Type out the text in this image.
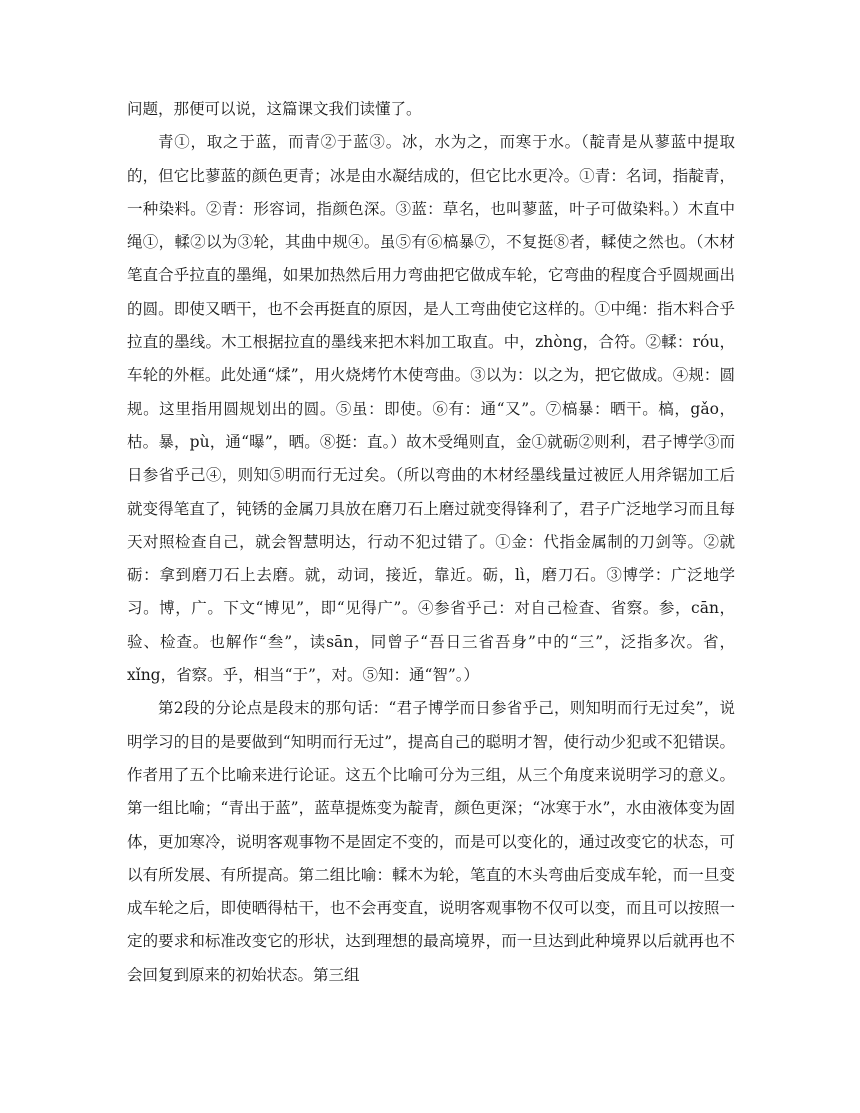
问题，那便可以说，这篇课文我们读懂了。

青①，取之于蓝，而青②于蓝③。冰，水为之，而寒于水。（靛青是从蓼蓝中提取的，但它比蓼蓝的颜色更青；冰是由水凝结成的，但它比水更冷。①青：名词，指靛青，一种染料。②青：形容词，指颜色深。③蓝：草名，也叫蓼蓝，叶子可做染料。）木直中绳①，輮②以为③轮，其曲中规④。虽⑤有⑥槁暴⑦，不复挺⑧者，輮使之然也。（木材笔直合乎拉直的墨绳，如果加热然后用力弯曲把它做成车轮，它弯曲的程度合乎圆规画出的圆。即使又晒干，也不会再挺直的原因，是人工弯曲使它这样的。①中绳：指木料合乎拉直的墨线。木工根据拉直的墨线来把木料加工取直。中，zhòng，合符。②輮：róu，车轮的外框。此处通“煣”，用火烧烤竹木使弯曲。③以为：以之为，把它做成。④规：圆规。这里指用圆规划出的圆。⑤虽：即使。⑥有：通“又”。⑦槁暴：晒干。槁，gǎo，枯。暴，pù，通“曝”，晒。⑧挺：直。）故木受绳则直，金①就砺②则利，君子博学③而日参省乎己④，则知⑤明而行无过矣。（所以弯曲的木材经墨线量过被匠人用斧锯加工后就变得笔直了，钝锈的金属刀具放在磨刀石上磨过就变得锋利了，君子广泛地学习而且每天对照检查自己，就会智慧明达，行动不犯过错了。①金：代指金属制的刀剑等。②就砺：拿到磨刀石上去磨。就，动词，接近，靠近。砺，lì，磨刀石。③博学：广泛地学习。博，广。下文“博见”，即“见得广”。④参省乎己：对自己检查、省察。参，cān，验、检查。也解作“叁”，读sān，同曾子“吾日三省吾身”中的“三”，泛指多次。省，xǐng，省察。乎，相当“于”，对。⑤知：通“智”。）

第2段的分论点是段末的那句话：“君子博学而日参省乎己，则知明而行无过矣”，说明学习的目的是要做到“知明而行无过”，提高自己的聪明才智，使行动少犯或不犯错误。作者用了五个比喻来进行论证。这五个比喻可分为三组，从三个角度来说明学习的意义。第一组比喻；“青出于蓝”，蓝草提炼变为靛青，颜色更深；“冰寒于水”，水由液体变为固体，更加寒冷，说明客观事物不是固定不变的，而是可以变化的，通过改变它的状态，可以有所发展、有所提高。第二组比喻：輮木为轮，笔直的木头弯曲后变成车轮，而一旦变成车轮之后，即使晒得枯干，也不会再变直，说明客观事物不仅可以变，而且可以按照一定的要求和标准改变它的形状，达到理想的最高境界，而一旦达到此种境界以后就再也不会回复到原来的初始状态。第三组
